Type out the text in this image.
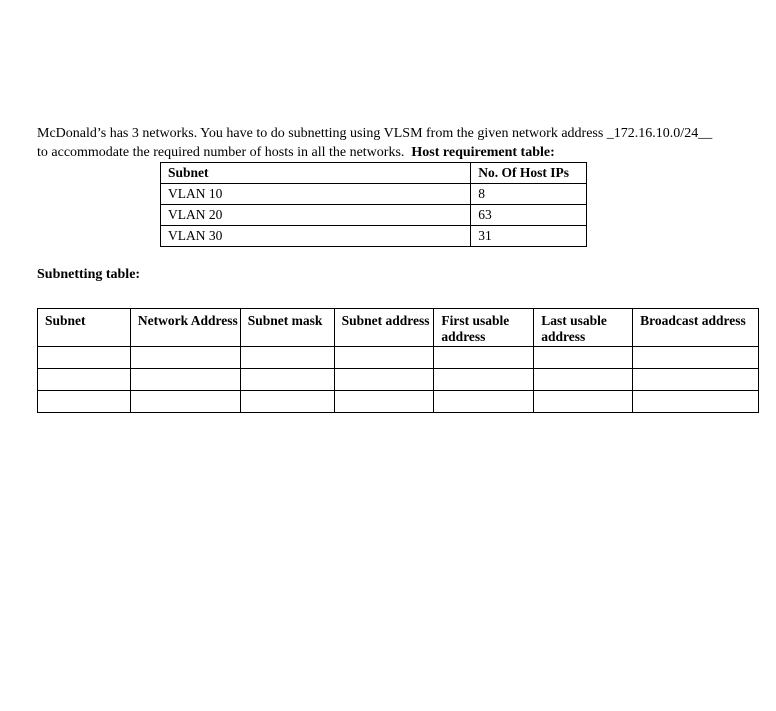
McDonald’s has 3 networks. You have to do subnetting using VLSM from the given network address _172.16.10.0/24__
to accommodate the required number of hosts in all the networks. Host requirement table:

Subnet	No. Of Host IPs
VLAN 10	8
VLAN 20	63
VLAN 30	31

Subnetting table:

Subnet	Network Address	Subnet mask	Subnet address	First usable address	Last usable address	Broadcast address
